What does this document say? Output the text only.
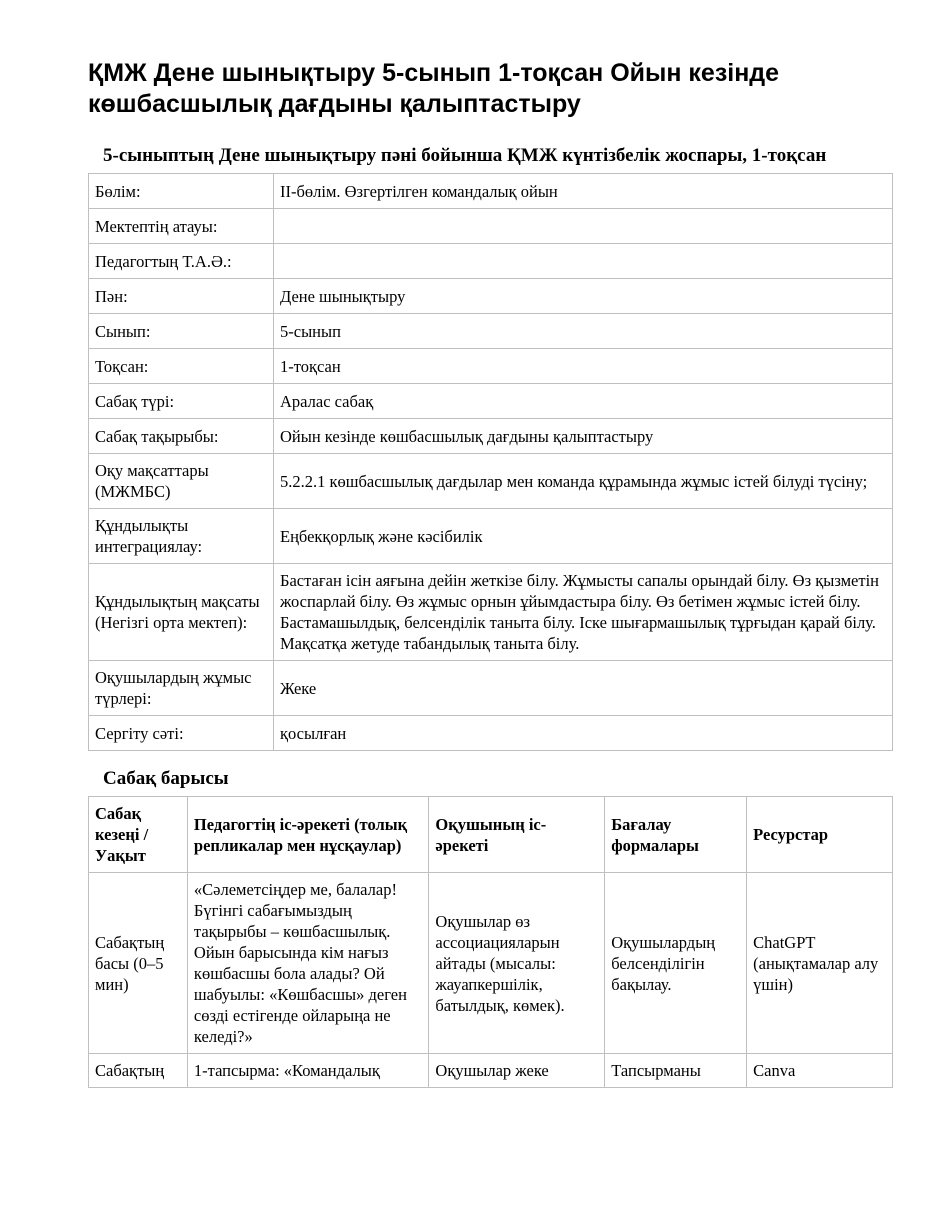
ҚМЖ Дене шынықтыру 5-сынып 1-тоқсан Ойын кезінде көшбасшылық дағдыны қалыптастыру
5-сыныптың Дене шынықтыру пәні бойынша ҚМЖ күнтізбелік жоспары, 1-тоқсан
Бөлім:	ІІ-бөлім. Өзгертілген командалық ойын
Мектептің атауы:	
Педагогтың Т.А.Ә.:	
Пән:	Дене шынықтыру
Сынып:	5-сынып
Тоқсан:	1-тоқсан
Сабақ түрі:	Аралас сабақ
Сабақ тақырыбы:	Ойын кезінде көшбасшылық дағдыны қалыптастыру
Оқу мақсаттары (МЖМБС)	5.2.2.1 көшбасшылық дағдылар мен команда құрамында жұмыс істей білуді түсіну;
Құндылықты интеграциялау:	Еңбекқорлық және кәсібилік
Құндылықтың мақсаты (Негізгі орта мектеп):	Бастаған ісін аяғына дейін жеткізе білу. Жұмысты сапалы орындай білу. Өз қызметін жоспарлай білу. Өз жұмыс орнын ұйымдастыра білу. Өз бетімен жұмыс істей білу. Бастамашылдық, белсенділік таныта білу. Іске шығармашылық тұрғыдан қарай білу. Мақсатқа жетуде табандылық таныта білу.
Оқушылардың жұмыс түрлері:	Жеке
Сергіту сәті:	қосылған
Сабақ барысы
Сабақ кезеңі / Уақыт	Педагогтің іс-әрекеті (толық репликалар мен нұсқаулар)	Оқушының іс-әрекеті	Бағалау формалары	Ресурстар
Сабақтың басы (0–5 мин)	«Сәлеметсіңдер ме, балалар! Бүгінгі сабағымыздың тақырыбы – көшбасшылық. Ойын барысында кім нағыз көшбасшы бола алады? Ой шабуылы: «Көшбасшы» деген сөзді естігенде ойларыңа не келеді?»	Оқушылар өз ассоциацияларын айтады (мысалы: жауапкершілік, батылдық, көмек).	Оқушылардың белсенділігін бақылау.	ChatGPT (анықтамалар алу үшін)
Сабақтың	1-тапсырма: «Командалық	Оқушылар жеке	Тапсырманы	Canva
